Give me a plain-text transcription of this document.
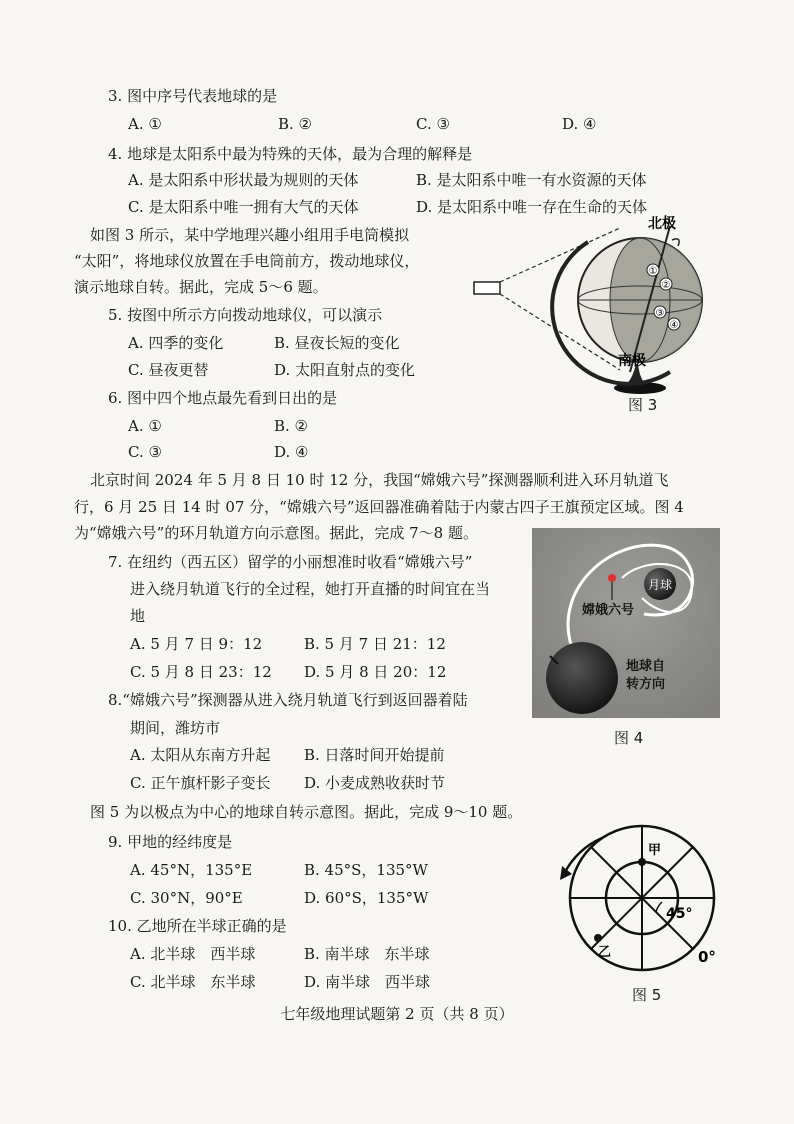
3. 图中序号代表地球的是
A. ①	B. ②	C. ③	D. ④
4. 地球是太阳系中最为特殊的天体，最为合理的解释是
A. 是太阳系中形状最为规则的天体	B. 是太阳系中唯一有水资源的天体
C. 是太阳系中唯一拥有大气的天体	D. 是太阳系中唯一存在生命的天体
如图 3 所示，某中学地理兴趣小组用手电筒模拟
“太阳”，将地球仪放置在手电筒前方，拨动地球仪，
演示地球自转。据此，完成 5～6 题。
5. 按图中所示方向拨动地球仪，可以演示
A. 四季的变化	B. 昼夜长短的变化
C. 昼夜更替	D. 太阳直射点的变化
6. 图中四个地点最先看到日出的是
A. ①	B. ②
C. ③	D. ④
①
②
③
④
北极
南极
图 3
北京时间 2024 年 5 月 8 日 10 时 12 分，我国“嫦娥六号”探测器顺利进入环月轨道飞
行，6 月 25 日 14 时 07 分，“嫦娥六号”返回器准确着陆于内蒙古四子王旗预定区域。图 4
为“嫦娥六号”的环月轨道方向示意图。据此，完成 7～8 题。
7. 在纽约（西五区）留学的小丽想准时收看“嫦娥六号”
进入绕月轨道飞行的全过程，她打开直播的时间宜在当
地
A. 5 月 7 日 9：12	B. 5 月 7 日 21：12
C. 5 月 8 日 23：12 D. 5 月 8 日 20：12
8.“嫦娥六号”探测器从进入绕月轨道飞行到返回器着陆
期间，潍坊市
A. 太阳从东南方升起 B. 日落时间开始提前
C. 正午旗杆影子变长 D. 小麦成熟收获时节
月球
嫦娥六号
地球自
转方向
图 4
图 5 为以极点为中心的地球自转示意图。据此，完成 9～10 题。
9. 甲地的经纬度是
A. 45°N，135°E	B. 45°S，135°W
C. 30°N，90°E	D. 60°S，135°W
10. 乙地所在半球正确的是
A. 北半球　西半球	B. 南半球　东半球
C. 北半球　东半球	D. 南半球　西半球
甲
乙
45°
0°
图 5
七年级地理试题第 2 页（共 8 页）
